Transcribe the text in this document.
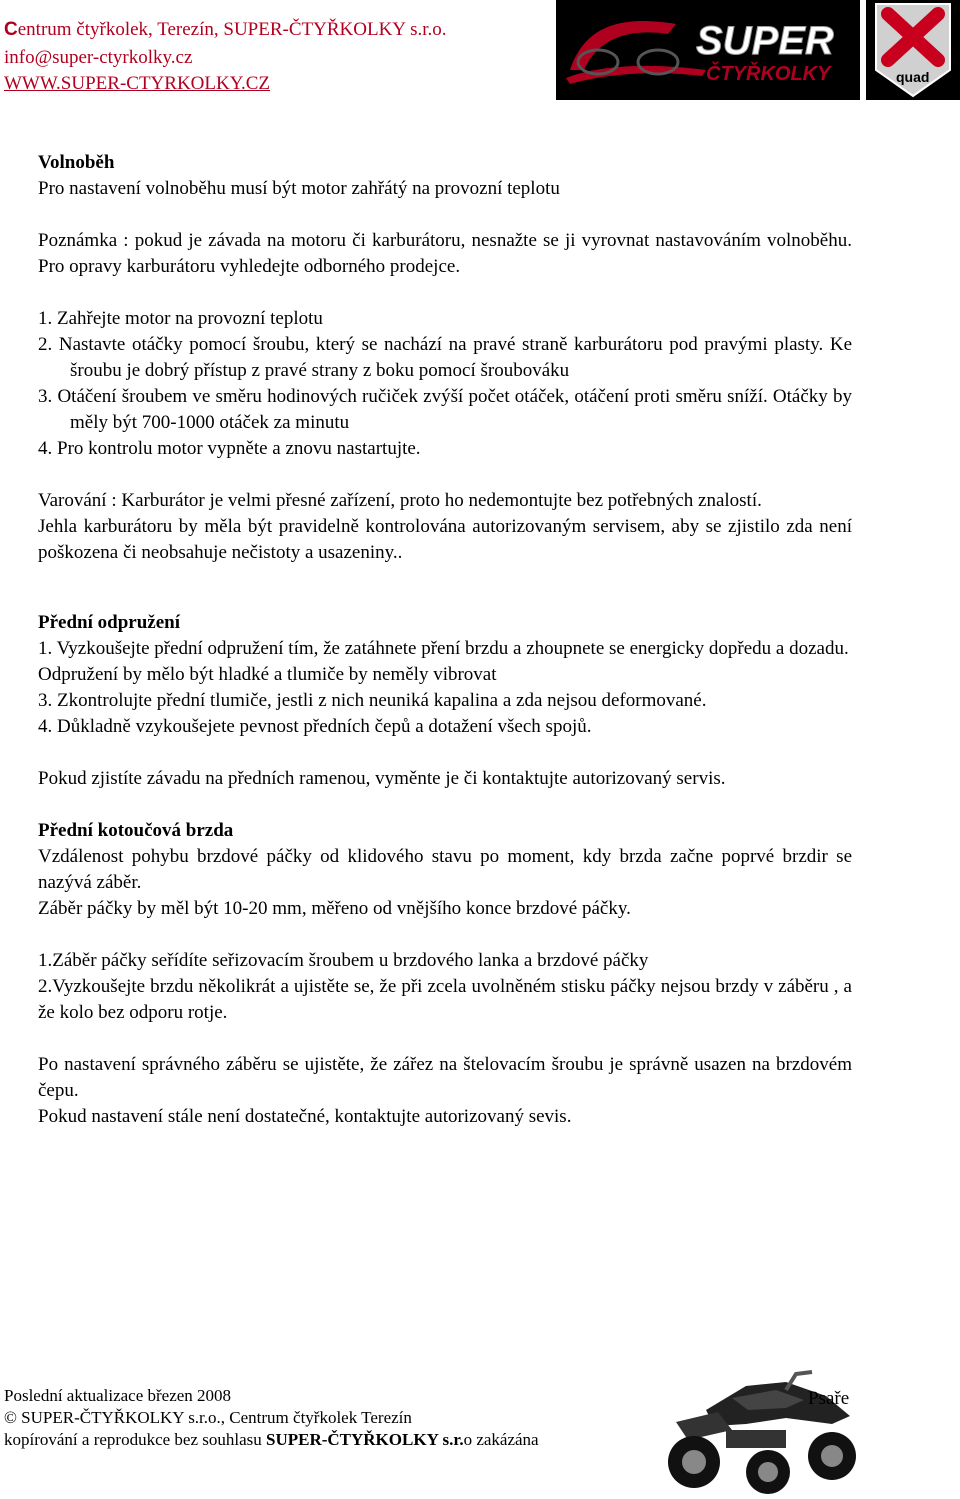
Centrum čtyřkolek, Terezín, SUPER-ČTYŘKOLKY s.r.o.
info@super-ctyrkolky.cz
WWW.SUPER-CTYRKOLKY.CZ
SUPER
ČTYŘKOLKY	quad

Volnoběh

Pro nastavení volnoběhu musí být motor zahřátý na provozní teplotu

Poznámka : pokud je závada na motoru či karburátoru, nesnažte se ji vyrovnat nastavováním volnoběhu. Pro opravy karburátoru vyhledejte odborného prodejce.

1. Zahřejte motor na provozní teplotu

2. Nastavte otáčky pomocí šroubu, který se nachází na pravé straně karburátoru pod pravými plasty. Ke šroubu je dobrý přístup z pravé strany z boku pomocí šroubováku

3. Otáčení šroubem ve směru hodinových ručiček zvýší počet otáček, otáčení proti směru sníží. Otáčky by měly být 700-1000 otáček za minutu

4. Pro kontrolu motor vypněte a znovu nastartujte.

Varování : Karburátor je velmi přesné zařízení, proto ho nedemontujte bez potřebných znalostí.

Jehla karburátoru by měla být pravidelně kontrolována autorizovaným servisem, aby se zjistilo zda není poškozena či neobsahuje nečistoty a usazeniny..

Přední odpružení

1. Vyzkoušejte přední odpružení tím, že zatáhnete pření brzdu a zhoupnete se energicky dopředu a dozadu.

Odpružení by mělo být hladké a tlumiče by neměly vibrovat

3. Zkontrolujte přední tlumiče, jestli z nich neuniká kapalina a zda nejsou deformované.

4. Důkladně vzykoušejete pevnost předních čepů a dotažení všech spojů.

Pokud zjistíte závadu na předních ramenou, vyměnte je či kontaktujte autorizovaný servis.

Přední kotoučová brzda

Vzdálenost pohybu brzdové páčky od klidového stavu po moment, kdy brzda začne poprvé brzdir se nazývá záběr.

Záběr páčky by měl být 10-20 mm, měřeno od vnějšího konce brzdové páčky.

1.Záběr páčky seřídíte seřizovacím šroubem u brzdového lanka a brzdové páčky

2.Vyzkoušejte brzdu několikrát a ujistěte se, že při zcela uvolněném stisku páčky nejsou brzdy v záběru , a že kolo bez odporu rotje.

Po nastavení správného záběru se ujistěte, že zářez na štelovacím šroubu je správně usazen na brzdovém čepu.

Pokud nastavení stále není dostatečné, kontaktujte autorizovaný sevis.

Poslední aktualizace březen 2008
© SUPER-ČTYŘKOLKY s.r.o., Centrum čtyřkolek Terezín
kopírování a reprodukce bez souhlasu SUPER-ČTYŘKOLKY s.r.o zakázána
Psaře
